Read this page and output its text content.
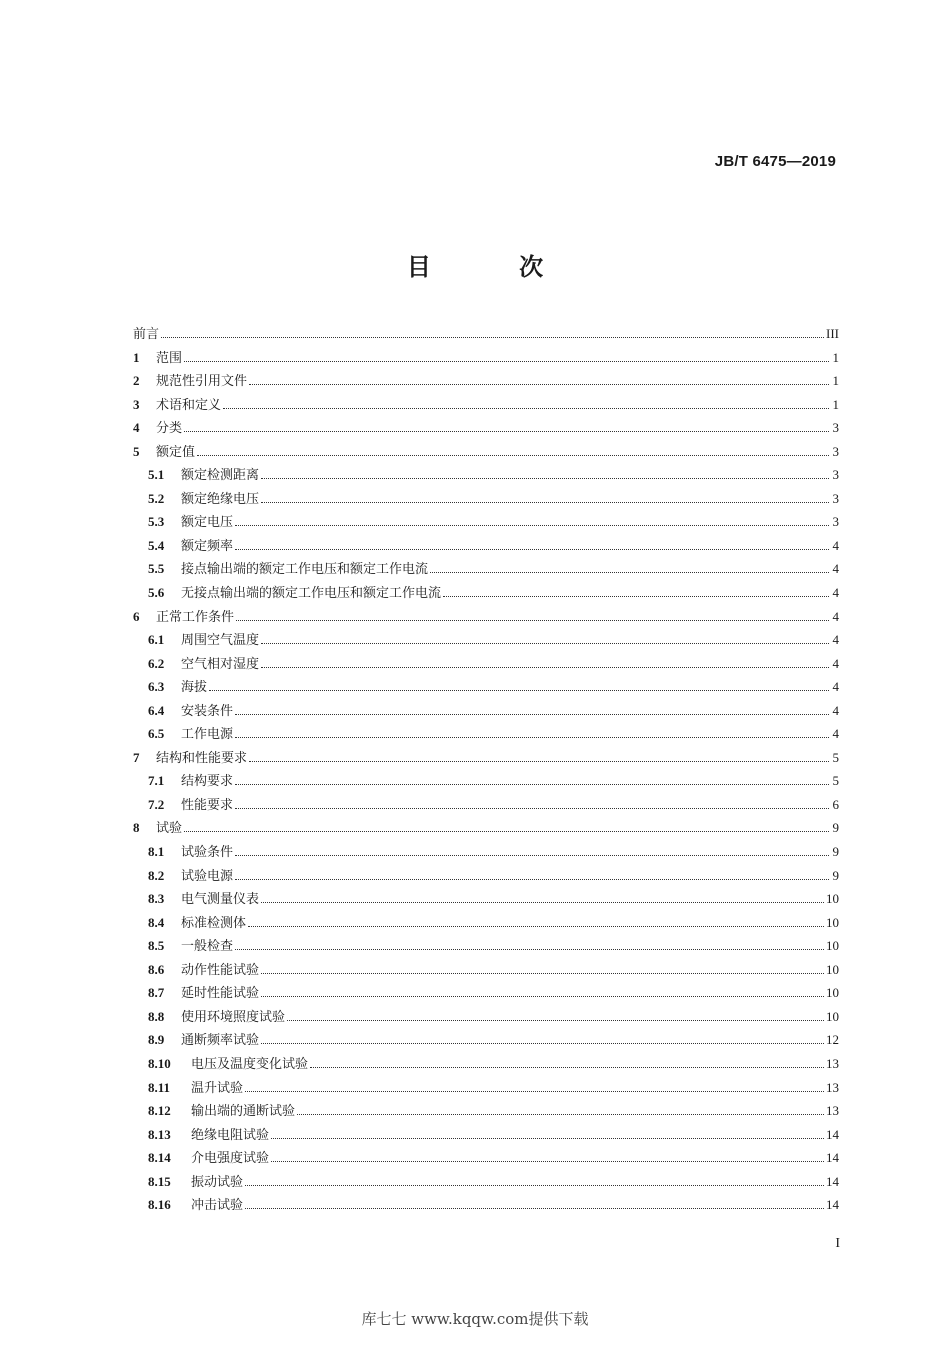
JB/T 6475—2019
目 次
前言	III
1	范围	1
2	规范性引用文件	1
3	术语和定义	1
4	分类	3
5	额定值	3
5.1	额定检测距离	3
5.2	额定绝缘电压	3
5.3	额定电压	3
5.4	额定频率	4
5.5	接点输出端的额定工作电压和额定工作电流	4
5.6	无接点输出端的额定工作电压和额定工作电流	4
6	正常工作条件	4
6.1	周围空气温度	4
6.2	空气相对湿度	4
6.3	海拔	4
6.4	安装条件	4
6.5	工作电源	4
7	结构和性能要求	5
7.1	结构要求	5
7.2	性能要求	6
8	试验	9
8.1	试验条件	9
8.2	试验电源	9
8.3	电气测量仪表	10
8.4	标准检测体	10
8.5	一般检查	10
8.6	动作性能试验	10
8.7	延时性能试验	10
8.8	使用环境照度试验	10
8.9	通断频率试验	12
8.10	电压及温度变化试验	13
8.11	温升试验	13
8.12	输出端的通断试验	13
8.13	绝缘电阻试验	14
8.14	介电强度试验	14
8.15	振动试验	14
8.16	冲击试验	14
I
库七七 www.kqqw.com提供下载
